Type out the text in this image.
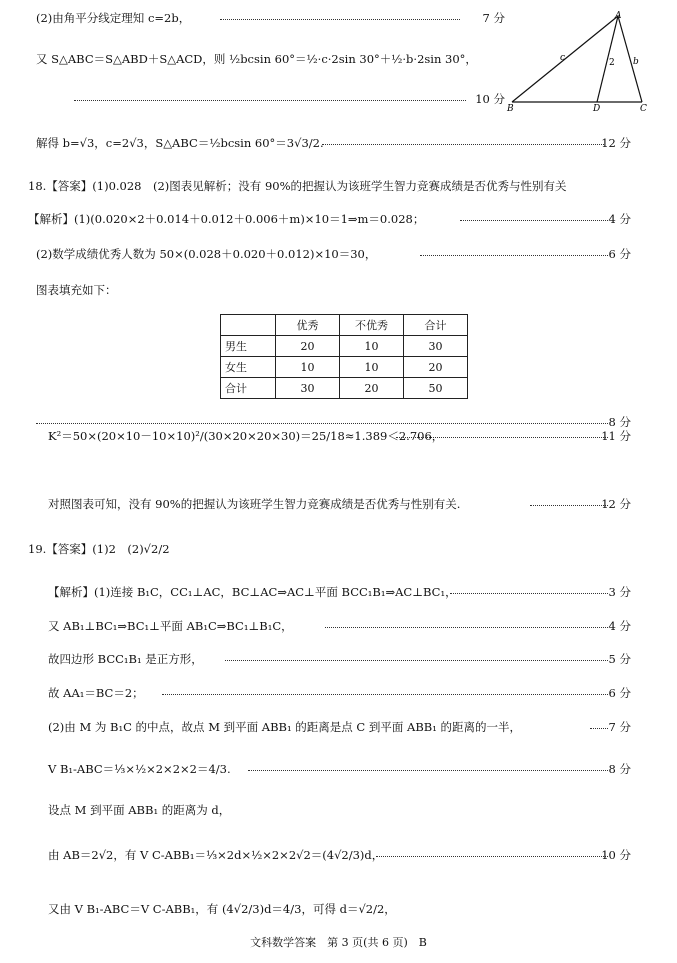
A
B	C
D
c	b
2
(2)由角平分线定理知 c=2b，	7 分
又 S△ABC＝S△ABD＋S△ACD，则 ½bcsin 60°＝½·c·2sin 30°＋½·b·2sin 30°，
10 分
解得 b=√3，c=2√3，S△ABC＝½bcsin 60°＝3√3/2.	12 分
18.【答案】(1)0.028　(2)图表见解析；没有 90%的把握认为该班学生智力竞赛成绩是否优秀与性别有关
【解析】(1)(0.020×2＋0.014＋0.012＋0.006＋m)×10＝1⇒m＝0.028；	4 分
(2)数学成绩优秀人数为 50×(0.028＋0.020＋0.012)×10＝30，	6 分
图表填充如下：
	优秀	不优秀	合计
男生	20	10	30
女生	10	10	20
合计	30	20	50
8 分
K²＝50×(20×10－10×10)²/(30×20×20×30)＝25/18≈1.389＜2.706，	11 分
对照图表可知，没有 90%的把握认为该班学生智力竞赛成绩是否优秀与性别有关.	12 分
19.【答案】(1)2　(2)√2/2
【解析】(1)连接 B₁C，CC₁⊥AC，BC⊥AC⇒AC⊥平面 BCC₁B₁⇒AC⊥BC₁，	3 分
又 AB₁⊥BC₁⇒BC₁⊥平面 AB₁C⇒BC₁⊥B₁C，	4 分
故四边形 BCC₁B₁ 是正方形，	5 分
故 AA₁＝BC＝2；	6 分
(2)由 M 为 B₁C 的中点，故点 M 到平面 ABB₁ 的距离是点 C 到平面 ABB₁ 的距离的一半，	7 分
V B₁-ABC＝⅓×½×2×2×2＝4/3.	8 分
设点 M 到平面 ABB₁ 的距离为 d，
由 AB＝2√2，有 V C-ABB₁＝⅓×2d×½×2×2√2＝(4√2/3)d，	10 分
又由 V B₁-ABC＝V C-ABB₁，有 (4√2/3)d＝4/3，可得 d＝√2/2，
文科数学答案　第 3 页(共 6 页)　B
